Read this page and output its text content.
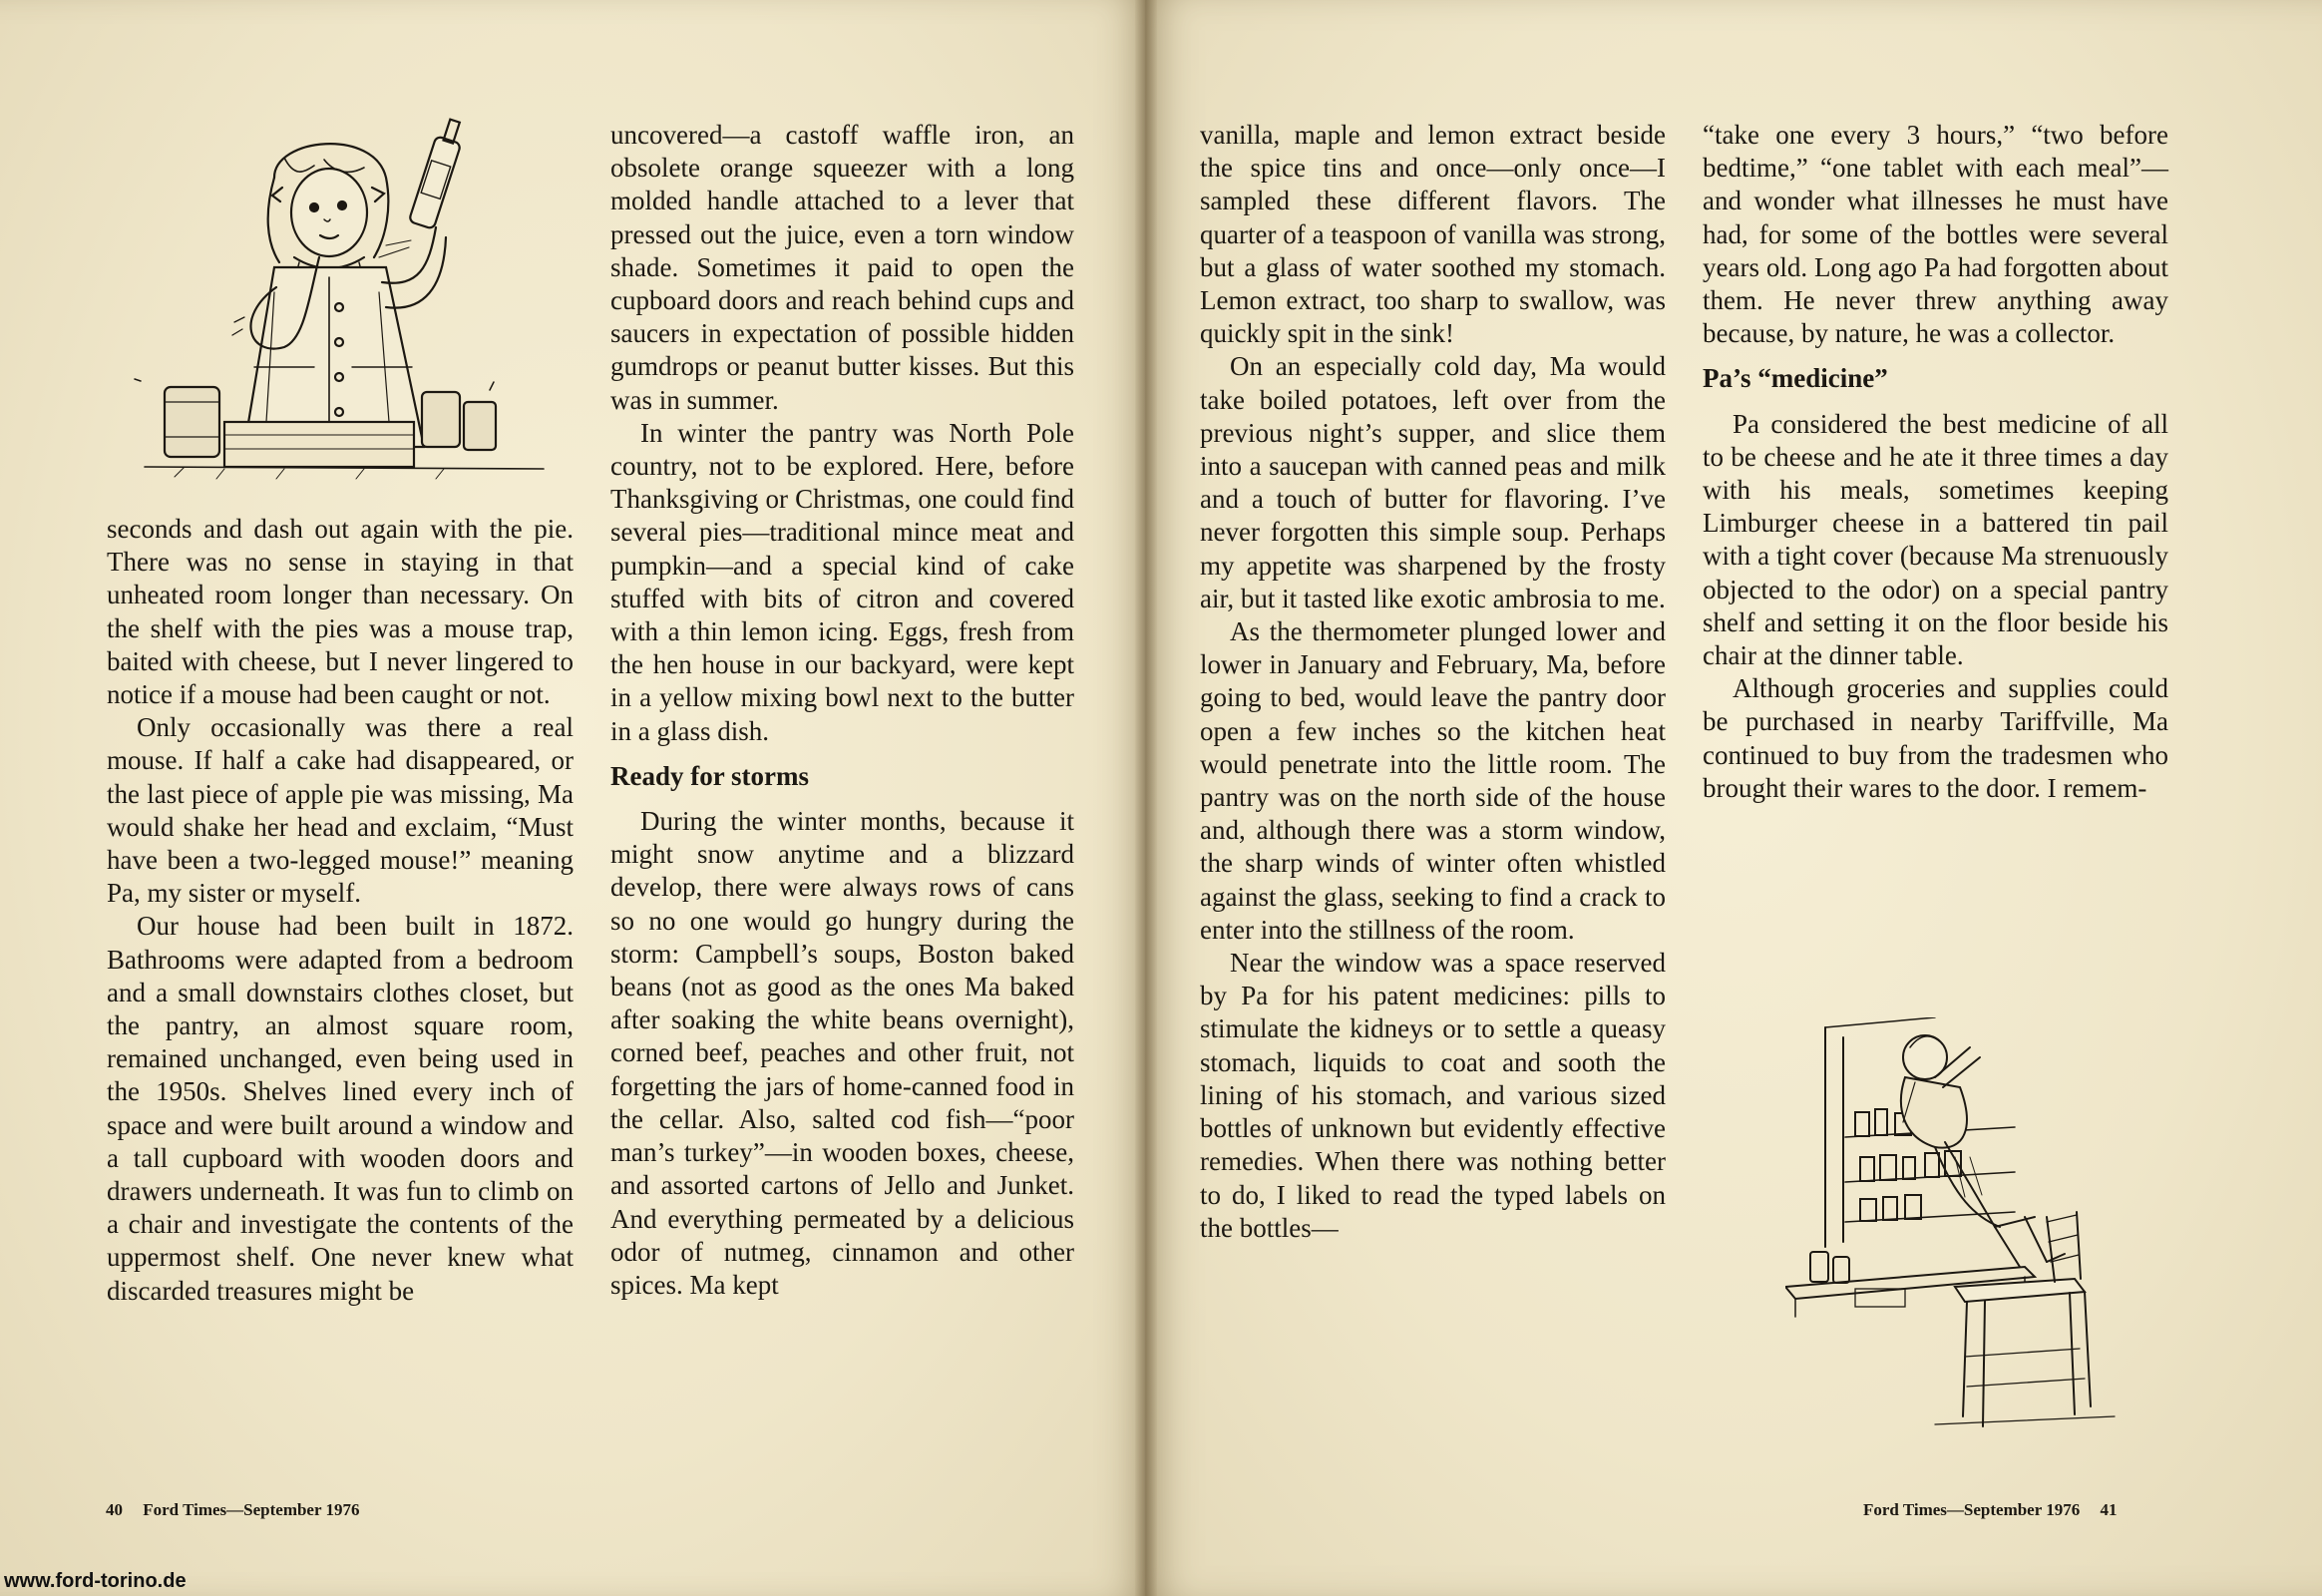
seconds and dash out again with the pie. There was no sense in staying in that unheated room longer than necessary. On the shelf with the pies was a mouse trap, baited with cheese, but I never lingered to notice if a mouse had been caught or not.

Only occasionally was there a real mouse. If half a cake had disappeared, or the last piece of apple pie was missing, Ma would shake her head and exclaim, “Must have been a two-legged mouse!” meaning Pa, my sister or myself.

Our house had been built in 1872. Bathrooms were adapted from a bedroom and a small downstairs clothes closet, but the pantry, an almost square room, remained unchanged, even being used in the 1950s. Shelves lined every inch of space and were built around a window and a tall cupboard with wooden doors and drawers underneath. It was fun to climb on a chair and investigate the contents of the uppermost shelf. One never knew what discarded treasures might be

uncovered—a castoff waffle iron, an obsolete orange squeezer with a long molded handle attached to a lever that pressed out the juice, even a torn window shade. Sometimes it paid to open the cupboard doors and reach behind cups and saucers in expectation of possible hidden gumdrops or peanut butter kisses. But this was in summer.

In winter the pantry was North Pole country, not to be explored. Here, before Thanksgiving or Christmas, one could find several pies—traditional mince meat and pumpkin—and a special kind of cake stuffed with bits of citron and covered with a thin lemon icing. Eggs, fresh from the hen house in our backyard, were kept in a yellow mixing bowl next to the butter in a glass dish.

Ready for storms

During the winter months, because it might snow anytime and a blizzard develop, there were always rows of cans so no one would go hungry during the storm: Campbell’s soups, Boston baked beans (not as good as the ones Ma baked after soaking the white beans overnight), corned beef, peaches and other fruit, not forgetting the jars of home-canned food in the cellar. Also, salted cod fish—“poor man’s turkey”—in wooden boxes, cheese, and assorted cartons of Jello and Junket. And everything permeated by a delicious odor of nutmeg, cinnamon and other spices. Ma kept

vanilla, maple and lemon extract beside the spice tins and once—only once—I sampled these different flavors. The quarter of a teaspoon of vanilla was strong, but a glass of water soothed my stomach. Lemon extract, too sharp to swallow, was quickly spit in the sink!

On an especially cold day, Ma would take boiled potatoes, left over from the previous night’s supper, and slice them into a saucepan with canned peas and milk and a touch of butter for flavoring. I’ve never forgotten this simple soup. Perhaps my appetite was sharpened by the frosty air, but it tasted like exotic ambrosia to me.

As the thermometer plunged lower and lower in January and February, Ma, before going to bed, would leave the pantry door open a few inches so the kitchen heat would penetrate into the little room. The pantry was on the north side of the house and, although there was a storm window, the sharp winds of winter often whistled against the glass, seeking to find a crack to enter into the stillness of the room.

Near the window was a space reserved by Pa for his patent medicines: pills to stimulate the kidneys or to settle a queasy stomach, liquids to coat and sooth the lining of his stomach, and various sized bottles of unknown but evidently effective remedies. When there was nothing better to do, I liked to read the typed labels on the bottles—

“take one every 3 hours,” “two before bedtime,” “one tablet with each meal”—and wonder what illnesses he must have had, for some of the bottles were several years old. Long ago Pa had forgotten about them. He never threw anything away because, by nature, he was a collector.

Pa’s “medicine”

Pa considered the best medicine of all to be cheese and he ate it three times a day with his meals, sometimes keeping Limburger cheese in a battered tin pail with a tight cover (because Ma strenuously objected to the odor) on a special pantry shelf and setting it on the floor beside his chair at the dinner table.

Although groceries and supplies could be purchased in nearby Tariffville, Ma continued to buy from the tradesmen who brought their wares to the door. I remem-

40 Ford Times—September 1976	Ford Times—September 1976 41
www.ford-torino.de
